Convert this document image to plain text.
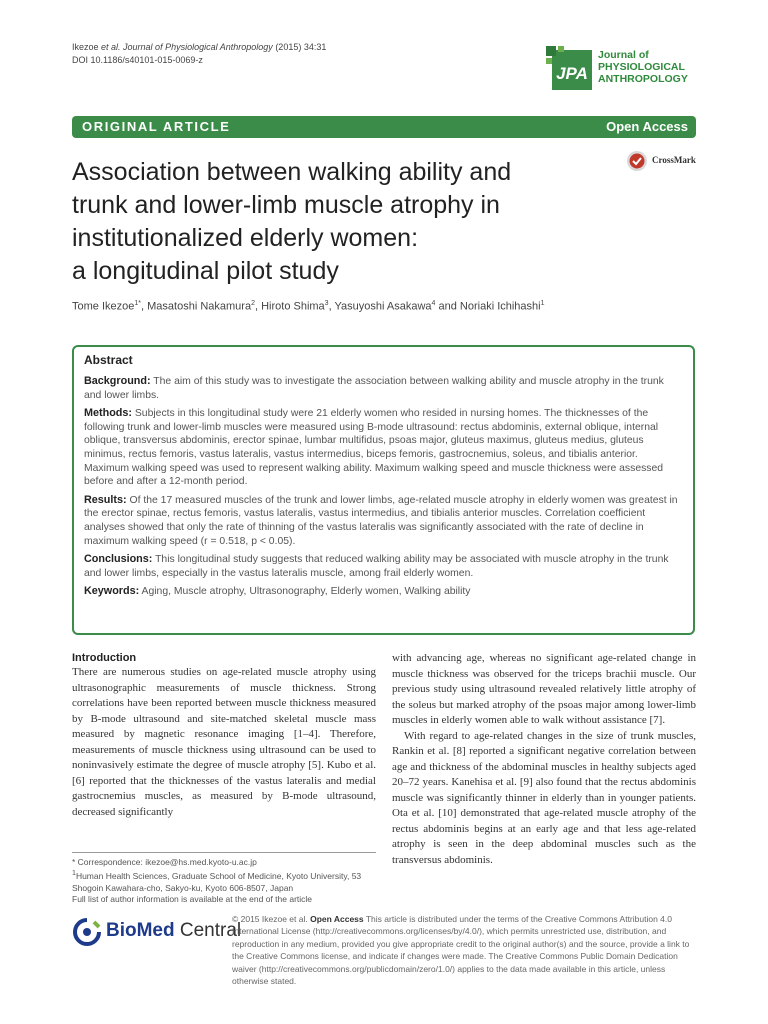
Ikezoe et al. Journal of Physiological Anthropology (2015) 34:31
DOI 10.1186/s40101-015-0069-z
JPA
Journal of
PHYSIOLOGICAL
ANTHROPOLOGY
ORIGINAL ARTICLE	Open Access
CrossMark
Association between walking ability and
trunk and lower-limb muscle atrophy in
institutionalized elderly women:
a longitudinal pilot study
Tome Ikezoe$^{1*}$, Masatoshi Nakamura$^2$, Hiroto Shima$^3$, Yasuyoshi Asakawa$^4$ and Noriaki Ichihashi$^1$
Abstract

Background: The aim of this study was to investigate the association between walking ability and muscle atrophy in the trunk and lower limbs.

Methods: Subjects in this longitudinal study were 21 elderly women who resided in nursing homes. The thicknesses of the following trunk and lower-limb muscles were measured using B-mode ultrasound: rectus abdominis, external oblique, internal oblique, transversus abdominis, erector spinae, lumbar multifidus, psoas major, gluteus maximus, gluteus medius, gluteus minimus, rectus femoris, vastus lateralis, vastus intermedius, biceps femoris, gastrocnemius, soleus, and tibialis anterior. Maximum walking speed was used to represent walking ability. Maximum walking speed and muscle thickness were assessed before and after a 12-month period.

Results: Of the 17 measured muscles of the trunk and lower limbs, age-related muscle atrophy in elderly women was greatest in the erector spinae, rectus femoris, vastus lateralis, vastus intermedius, and tibialis anterior muscles. Correlation coefficient analyses showed that only the rate of thinning of the vastus lateralis was significantly associated with the rate of decline in maximum walking speed (r = 0.518, p < 0.05).

Conclusions: This longitudinal study suggests that reduced walking ability may be associated with muscle atrophy in the trunk and lower limbs, especially in the vastus lateralis muscle, among frail elderly women.

Keywords: Aging, Muscle atrophy, Ultrasonography, Elderly women, Walking ability

Introduction

There are numerous studies on age-related muscle atrophy using ultrasonographic measurements of muscle thickness. Strong correlations have been reported between muscle thickness measured by B-mode ultrasound and site-matched skeletal muscle mass measured by magnetic resonance imaging [1–4]. Therefore, measurements of muscle thickness using ultrasound can be used to noninvasively estimate the degree of muscle atrophy [5]. Kubo et al. [6] reported that the thicknesses of the vastus lateralis and medial gastrocnemius muscles, as measured by B-mode ultrasound, decreased significantly

with advancing age, whereas no significant age-related change in muscle thickness was observed for the triceps brachii muscle. Our previous study using ultrasound revealed relatively little atrophy of the soleus but marked atrophy of the psoas major among lower-limb muscles in elderly women able to walk without assistance [7].

With regard to age-related changes in the size of trunk muscles, Rankin et al. [8] reported a significant negative correlation between age and thickness of the abdominal muscles in healthy subjects aged 20–72 years. Kanehisa et al. [9] also found that the rectus abdominis muscle was significantly thinner in elderly than in younger patients. Ota et al. [10] demonstrated that age-related muscle atrophy of the rectus abdominis begins at an early age and that less age-related atrophy is seen in the deep abdominal muscles such as the transversus abdominis.

* Correspondence: ikezoe@hs.med.kyoto-u.ac.jp
$^1$Human Health Sciences, Graduate School of Medicine, Kyoto University, 53
Shogoin Kawahara-cho, Sakyo-ku, Kyoto 606-8507, Japan
Full list of author information is available at the end of the article
BioMed Central
© 2015 Ikezoe et al. Open Access This article is distributed under the terms of the Creative Commons Attribution 4.0 International License (http://creativecommons.org/licenses/by/4.0/), which permits unrestricted use, distribution, and reproduction in any medium, provided you give appropriate credit to the original author(s) and the source, provide a link to the Creative Commons license, and indicate if changes were made. The Creative Commons Public Domain Dedication waiver (http://creativecommons.org/publicdomain/zero/1.0/) applies to the data made available in this article, unless otherwise stated.
